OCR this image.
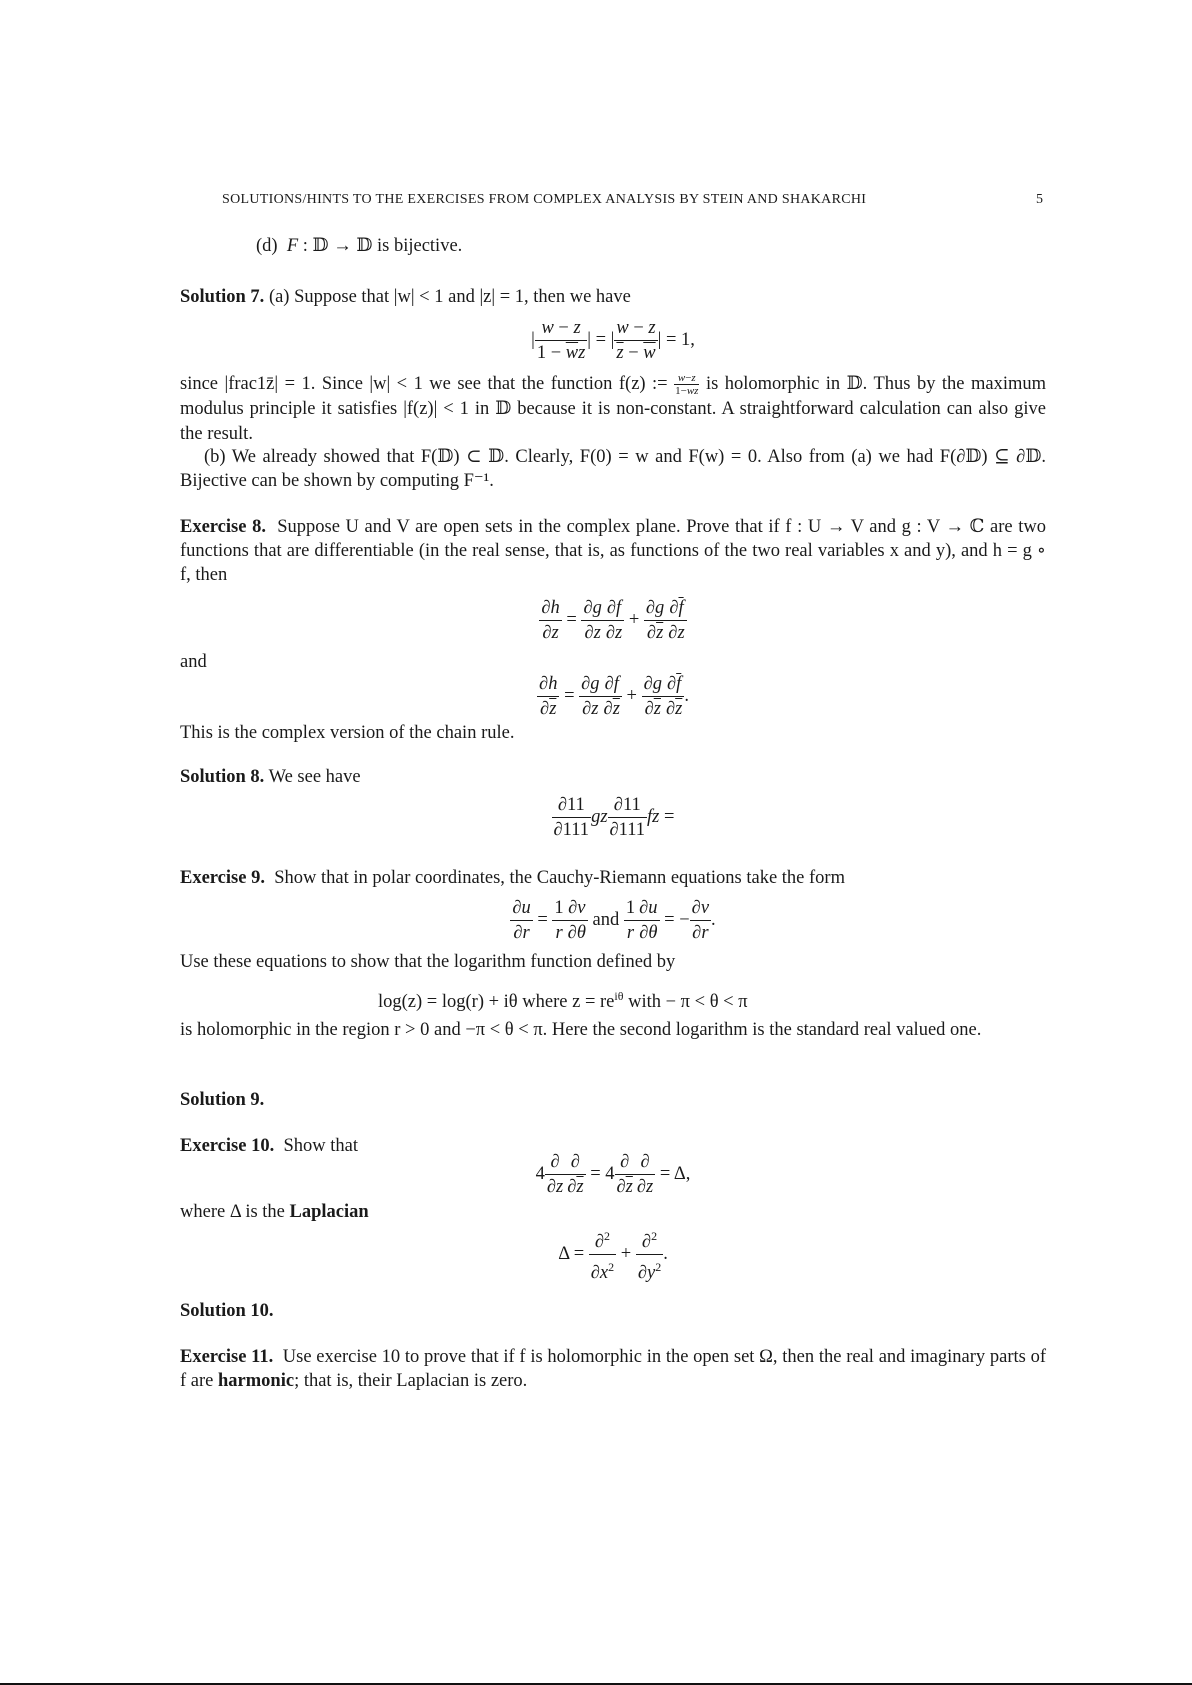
SOLUTIONS/HINTS TO THE EXERCISES FROM COMPLEX ANALYSIS BY STEIN AND SHAKARCHI	5
(d) F : 𝔻 → 𝔻 is bijective.
Solution 7. (a) Suppose that |w| < 1 and |z| = 1, then we have
| $\frac{w - z}{1 - \overline{w}z}$ | = | $\frac{w - z}{\overline{z} - \overline{w}}$ | = 1,
since |frac1z̄| = 1. Since |w| < 1 we see that the function f(z) := $\frac{w-z}{1-\overline{w}z}$ is holomorphic in 𝔻. Thus by the maximum modulus principle it satisfies |f(z)| < 1 in 𝔻 because it is non-constant. A straightforward calculation can also give the result.
(b) We already showed that F(𝔻) ⊂ 𝔻. Clearly, F(0) = w and F(w) = 0. Also from (a) we had F(∂𝔻) ⊆ ∂𝔻. Bijective can be shown by computing F⁻¹.
Exercise 8. Suppose U and V are open sets in the complex plane. Prove that if f : U → V and g : V → ℂ are two functions that are differentiable (in the real sense, that is, as functions of the two real variables x and y), and h = g ∘ f, then
$\frac{\partial h}{\partial z} = \frac{\partial g}{\partial z} \frac{\partial f}{\partial z} + \frac{\partial g}{\partial\overline{z}} \frac{\partial\overline{f}}{\partial z}$
and
$\frac{\partial h}{\partial\overline{z}} = \frac{\partial g}{\partial z} \frac{\partial f}{\partial\overline{z}} + \frac{\partial g}{\partial\overline{z}} \frac{\partial\overline{f}}{\partial\overline{z}}$ .
This is the complex version of the chain rule.
Solution 8. We see have
$\frac{\partial 11}{\partial 111}$ gz $\frac{\partial 11}{\partial 111}$ fz =
Exercise 9. Show that in polar coordinates, the Cauchy-Riemann equations take the form
$\frac{\partial u}{\partial r} = \frac{1}{r} \frac{\partial v}{\partial\theta}$ and $\frac{1}{r} \frac{\partial u}{\partial\theta}$ = − $\frac{\partial v}{\partial r}$ .
Use these equations to show that the logarithm function defined by
log(z) = log(r) + iθ where $z = re^{i\theta}$ with − π < θ < π
is holomorphic in the region r > 0 and −π < θ < π. Here the second logarithm is the standard real valued one.
Solution 9.
Exercise 10. Show that
$4 \frac{\partial}{\partial z} \frac{\partial}{\partial\overline{z}} = 4 \frac{\partial}{\partial\overline{z}} \frac{\partial}{\partial z} = \Delta$,
where Δ is the Laplacian
$\Delta = \frac{\partial^2}{\partial x^2} + \frac{\partial^2}{\partial y^2}$ .
Solution 10.
Exercise 11. Use exercise 10 to prove that if f is holomorphic in the open set Ω, then the real and imaginary parts of f are harmonic; that is, their Laplacian is zero.
